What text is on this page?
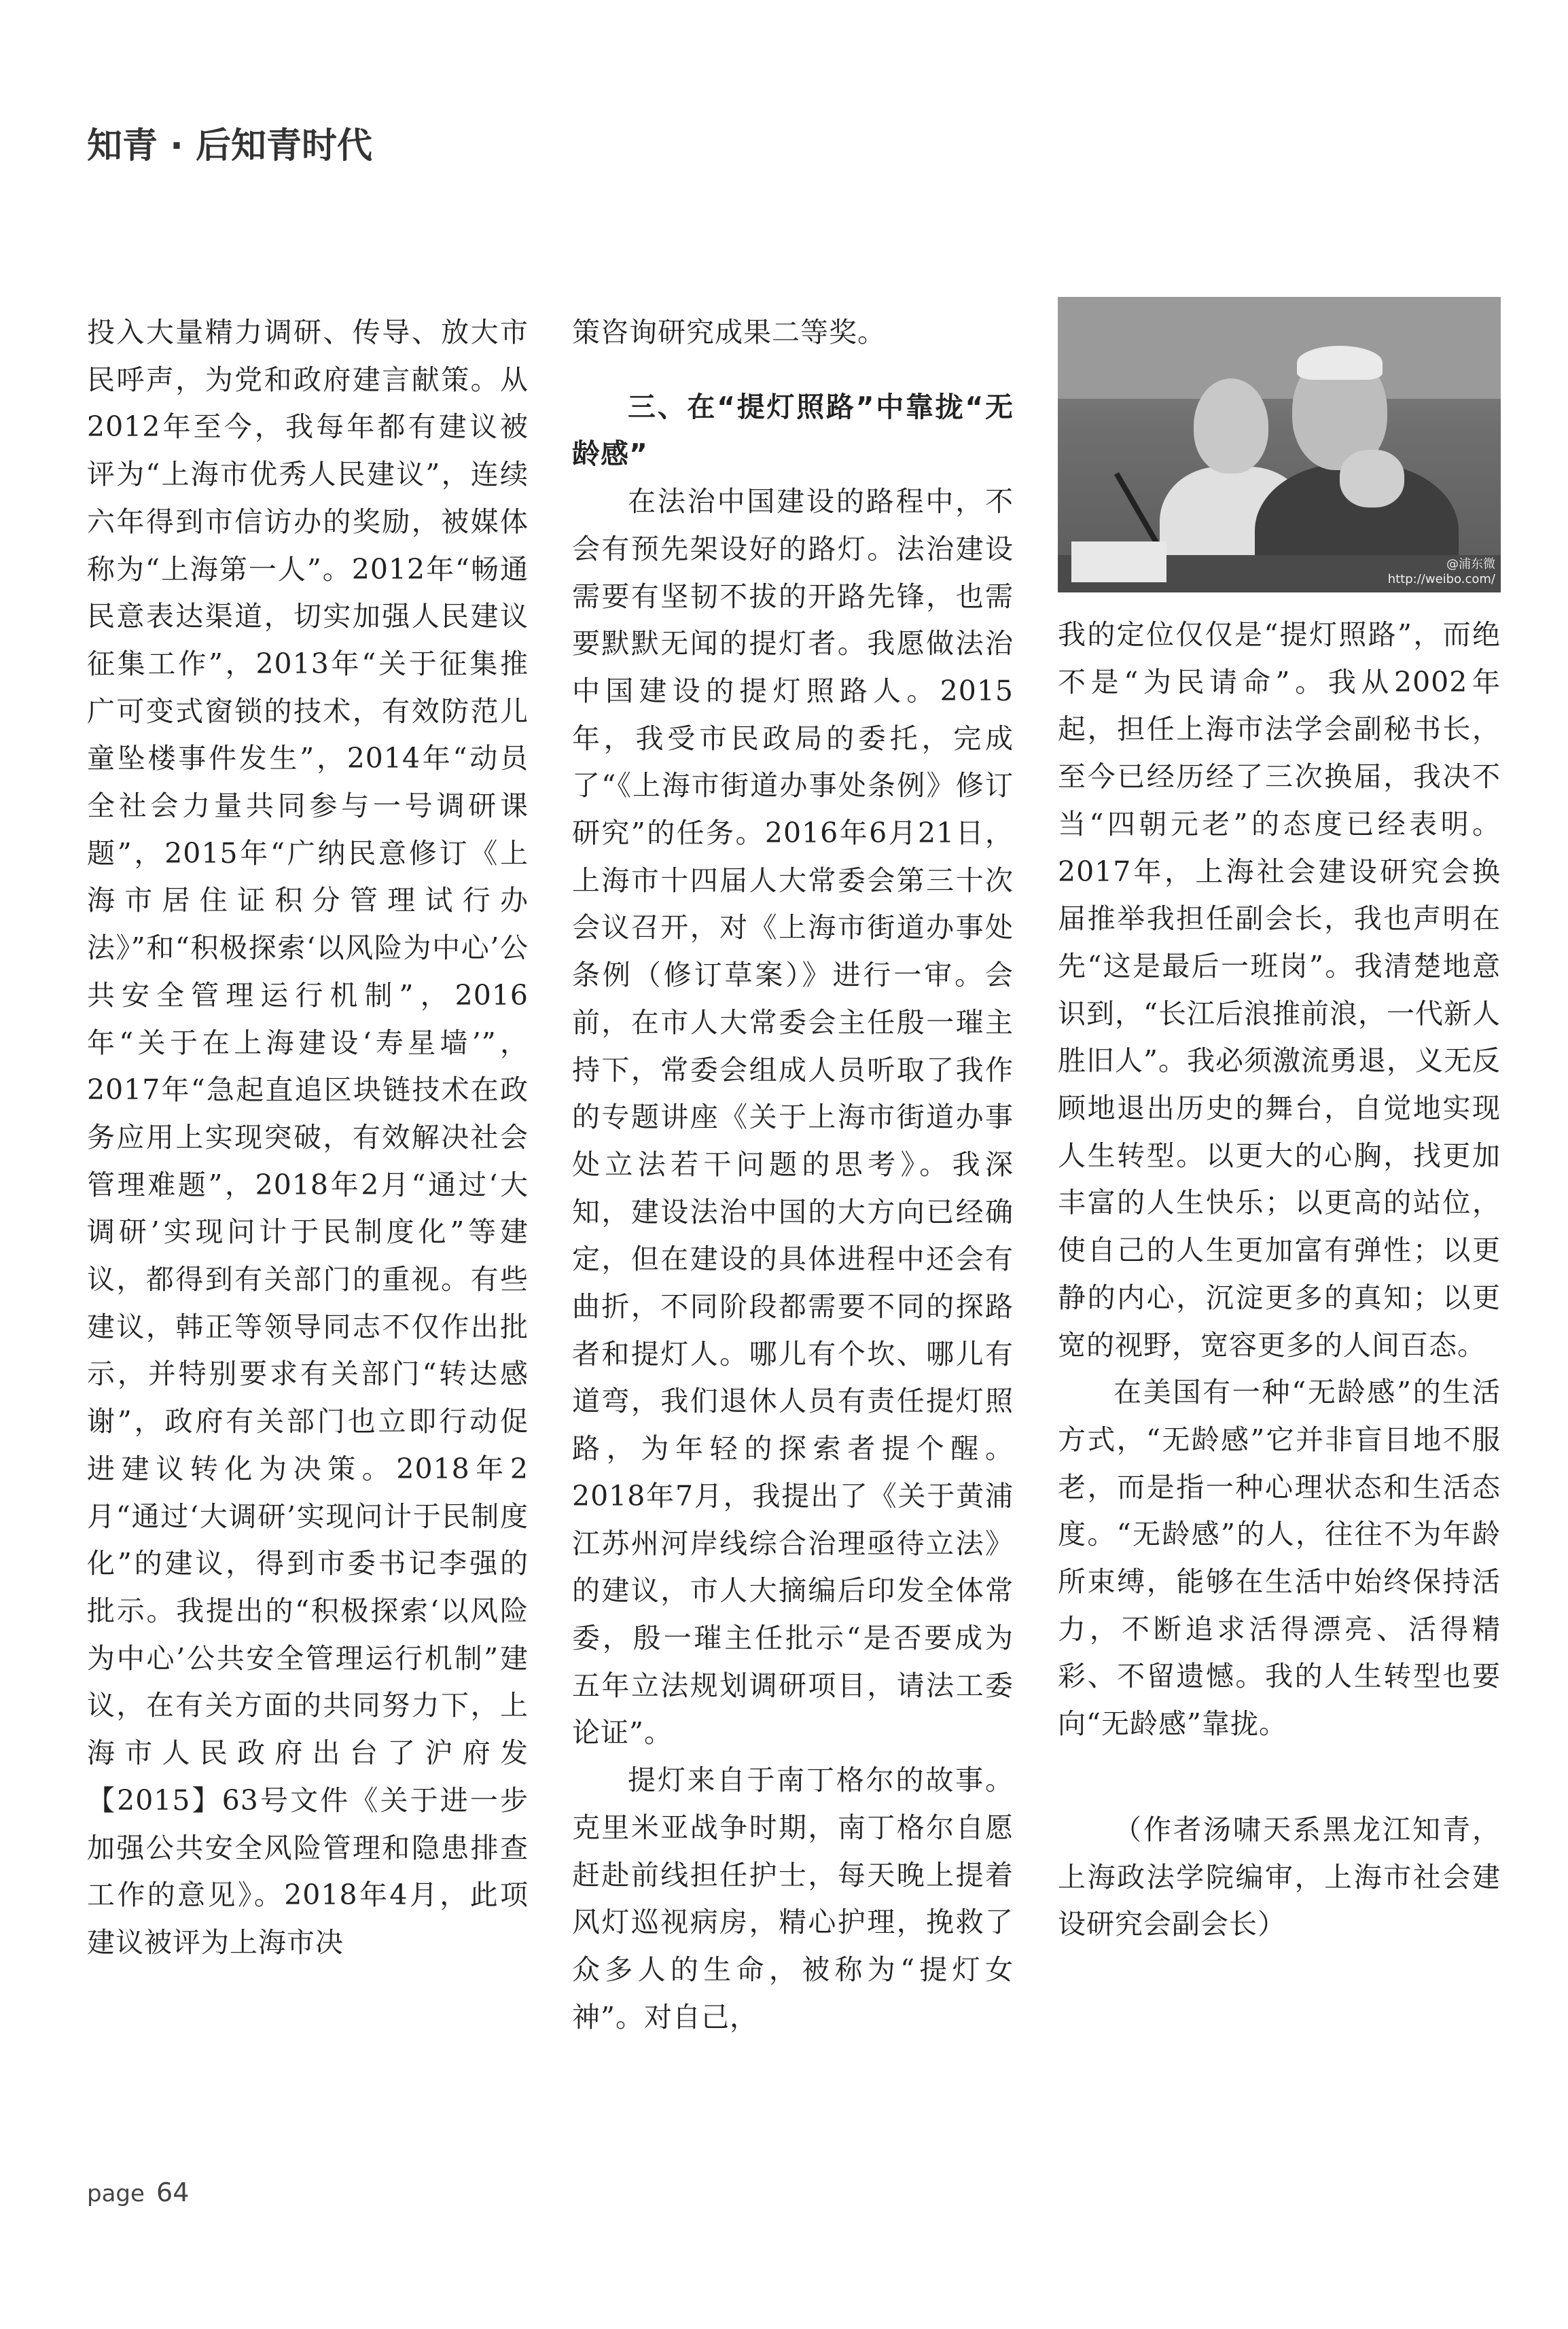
知青 · 后知青时代

投入大量精力调研、传导、放大市民呼声，为党和政府建言献策。从2012年至今，我每年都有建议被评为“上海市优秀人民建议”，连续六年得到市信访办的奖励，被媒体称为“上海第一人”。2012年“畅通民意表达渠道，切实加强人民建议征集工作”，2013年“关于征集推广可变式窗锁的技术，有效防范儿童坠楼事件发生”，2014年“动员全社会力量共同参与一号调研课题”，2015年“广纳民意修订《上海市居住证积分管理试行办法》”和“积极探索‘以风险为中心’公共安全管理运行机制”，2016年“关于在上海建设‘寿星墙’”，2017年“急起直追区块链技术在政务应用上实现突破，有效解决社会管理难题”，2018年2月“通过‘大调研’实现问计于民制度化”等建议，都得到有关部门的重视。有些建议，韩正等领导同志不仅作出批示，并特别要求有关部门“转达感谢”，政府有关部门也立即行动促进建议转化为决策。2018年2月“通过‘大调研’实现问计于民制度化”的建议，得到市委书记李强的批示。我提出的“积极探索‘以风险为中心’公共安全管理运行机制”建议，在有关方面的共同努力下，上海市人民政府出台了沪府发【2015】63号文件《关于进一步加强公共安全风险管理和隐患排查工作的意见》。2018年4月，此项建议被评为上海市决

策咨询研究成果二等奖。

三、在“提灯照路”中靠拢“无龄感”

在法治中国建设的路程中，不会有预先架设好的路灯。法治建设需要有坚韧不拔的开路先锋，也需要默默无闻的提灯者。我愿做法治中国建设的提灯照路人。2015年，我受市民政局的委托，完成了“《上海市街道办事处条例》修订研究”的任务。2016年6月21日，上海市十四届人大常委会第三十次会议召开，对《上海市街道办事处条例（修订草案）》进行一审。会前，在市人大常委会主任殷一璀主持下，常委会组成人员听取了我作的专题讲座《关于上海市街道办事处立法若干问题的思考》。我深知，建设法治中国的大方向已经确定，但在建设的具体进程中还会有曲折，不同阶段都需要不同的探路者和提灯人。哪儿有个坎、哪儿有道弯，我们退休人员有责任提灯照路，为年轻的探索者提个醒。2018年7月，我提出了《关于黄浦江苏州河岸线综合治理亟待立法》的建议，市人大摘编后印发全体常委，殷一璀主任批示“是否要成为五年立法规划调研项目，请法工委论证”。

提灯来自于南丁格尔的故事。克里米亚战争时期，南丁格尔自愿赶赴前线担任护士，每天晚上提着风灯巡视病房，精心护理，挽救了众多人的生命，被称为“提灯女神”。对自己，

@浦东微
http://weibo.com/

我的定位仅仅是“提灯照路”，而绝不是“为民请命”。我从2002年起，担任上海市法学会副秘书长，至今已经历经了三次换届，我决不当“四朝元老”的态度已经表明。2017年，上海社会建设研究会换届推举我担任副会长，我也声明在先“这是最后一班岗”。我清楚地意识到，“长江后浪推前浪，一代新人胜旧人”。我必须激流勇退，义无反顾地退出历史的舞台，自觉地实现人生转型。以更大的心胸，找更加丰富的人生快乐；以更高的站位，使自己的人生更加富有弹性；以更静的内心，沉淀更多的真知；以更宽的视野，宽容更多的人间百态。

在美国有一种“无龄感”的生活方式，“无龄感”它并非盲目地不服老，而是指一种心理状态和生活态度。“无龄感”的人，往往不为年龄所束缚，能够在生活中始终保持活力，不断追求活得漂亮、活得精彩、不留遗憾。我的人生转型也要向“无龄感”靠拢。

（作者汤啸天系黑龙江知青，上海政法学院编审，上海市社会建设研究会副会长）

page 64
